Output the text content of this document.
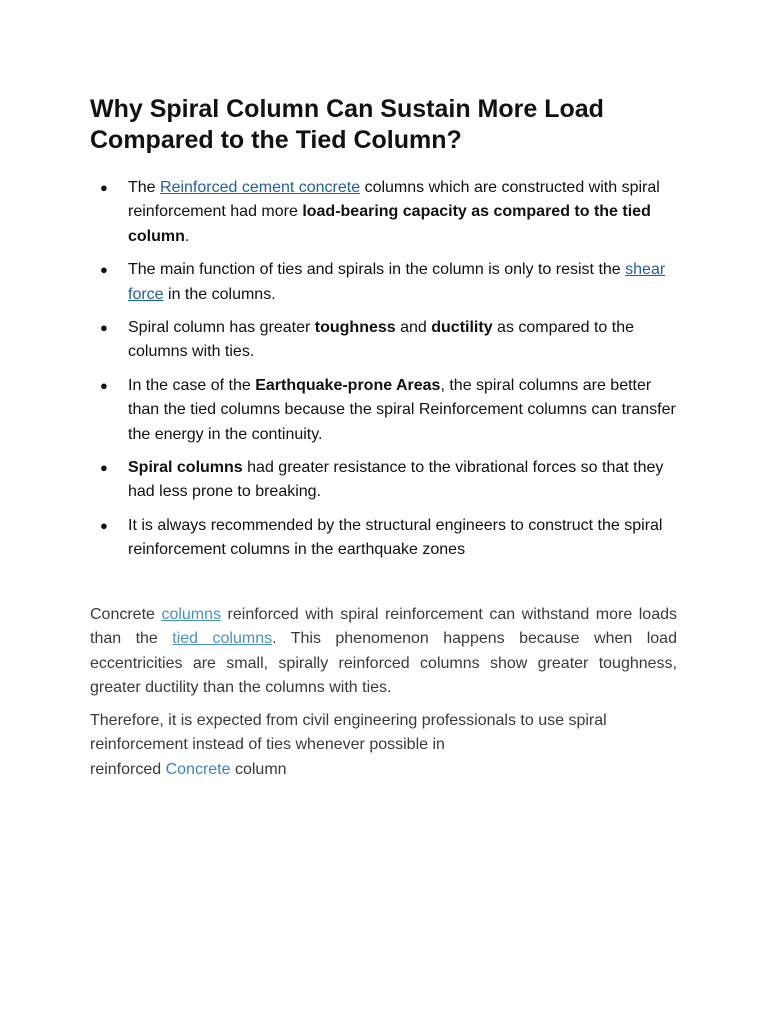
Why Spiral Column Can Sustain More Load Compared to the Tied Column?
● The Reinforced cement concrete columns which are constructed with spiral reinforcement had more load-bearing capacity as compared to the tied column.
● The main function of ties and spirals in the column is only to resist the shear force in the columns.
● Spiral column has greater toughness and ductility as compared to the columns with ties.
● In the case of the Earthquake-prone Areas, the spiral columns are better than the tied columns because the spiral Reinforcement columns can transfer the energy in the continuity.
● Spiral columns had greater resistance to the vibrational forces so that they had less prone to breaking.
● It is always recommended by the structural engineers to construct the spiral reinforcement columns in the earthquake zones

Concrete columns reinforced with spiral reinforcement can withstand more loads than the tied columns. This phenomenon happens because when load eccentricities are small, spirally reinforced columns show greater toughness, greater ductility than the columns with ties.

Therefore, it is expected from civil engineering professionals to use spiral
reinforcement instead of ties whenever possible in
reinforced Concrete column
